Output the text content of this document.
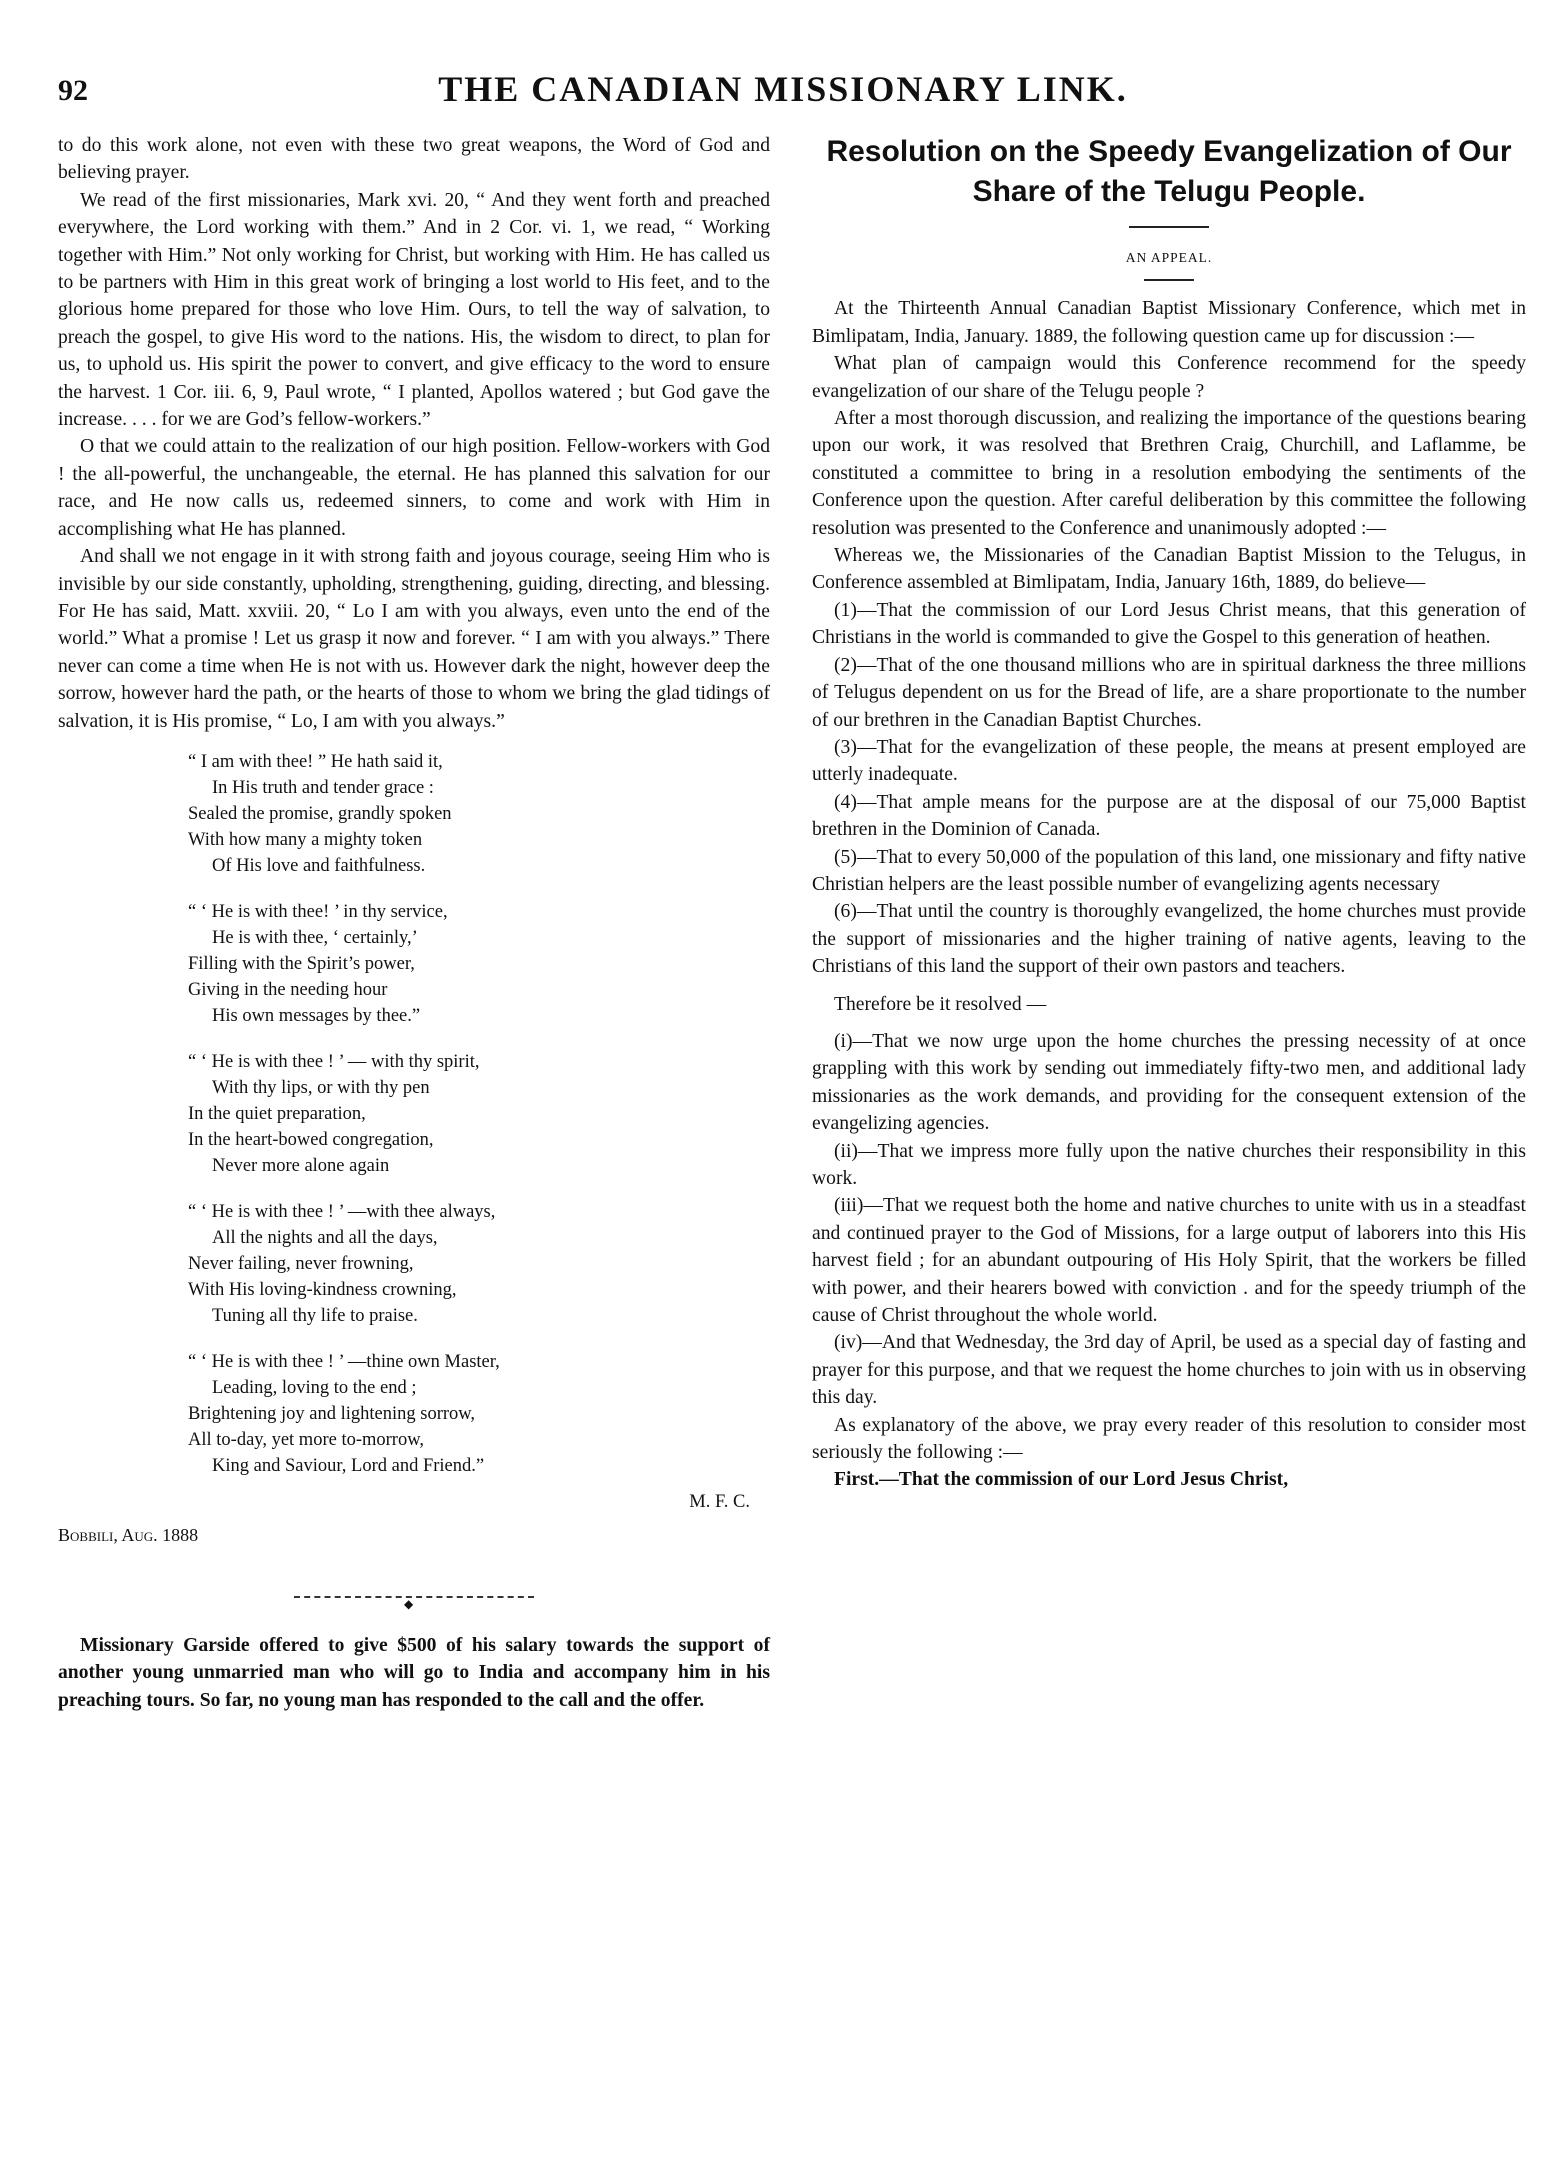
92	THE CANADIAN MISSIONARY LINK.

to do this work alone, not even with these two great weapons, the Word of God and believing prayer.

We read of the first missionaries, Mark xvi. 20, “ And they went forth and preached everywhere, the Lord working with them.” And in 2 Cor. vi. 1, we read, “ Working together with Him.” Not only working for Christ, but working with Him. He has called us to be partners with Him in this great work of bringing a lost world to His feet, and to the glorious home prepared for those who love Him. Ours, to tell the way of salvation, to preach the gospel, to give His word to the nations. His, the wisdom to direct, to plan for us, to uphold us. His spirit the power to convert, and give efficacy to the word to ensure the harvest. 1 Cor. iii. 6, 9, Paul wrote, “ I planted, Apollos watered ; but God gave the increase. . . . for we are God’s fellow-workers.”

O that we could attain to the realization of our high position. Fellow-workers with God ! the all-powerful, the unchangeable, the eternal. He has planned this salvation for our race, and He now calls us, redeemed sinners, to come and work with Him in accomplishing what He has planned.

And shall we not engage in it with strong faith and joyous courage, seeing Him who is invisible by our side constantly, upholding, strengthening, guiding, directing, and blessing. For He has said, Matt. xxviii. 20, “ Lo I am with you always, even unto the end of the world.” What a promise ! Let us grasp it now and forever. “ I am with you always.” There never can come a time when He is not with us. However dark the night, however deep the sorrow, however hard the path, or the hearts of those to whom we bring the glad tidings of salvation, it is His promise, “ Lo, I am with you always.”

“ I am with thee! ” He hath said it,
In His truth and tender grace :
Sealed the promise, grandly spoken
With how many a mighty token
Of His love and faithfulness.
“ ‘ He is with thee! ’ in thy service,
He is with thee, ‘ certainly,’
Filling with the Spirit’s power,
Giving in the needing hour
His own messages by thee.”
“ ‘ He is with thee ! ’ — with thy spirit,
With thy lips, or with thy pen
In the quiet preparation,
In the heart-bowed congregation,
Never more alone again
“ ‘ He is with thee ! ’ —with thee always,
All the nights and all the days,
Never failing, never frowning,
With His loving-kindness crowning,
Tuning all thy life to praise.
“ ‘ He is with thee ! ’ —thine own Master,
Leading, loving to the end ;
Brightening joy and lightening sorrow,
All to-day, yet more to-morrow,
King and Saviour, Lord and Friend.”
M. F. C.
Bobbili, Aug. 1888
◆

Missionary Garside offered to give $500 of his salary towards the support of another young unmarried man who will go to India and accompany him in his preaching tours. So far, no young man has responded to the call and the offer.

Resolution on the Speedy Evangelization of Our Share of the Telugu People.
AN APPEAL.

At the Thirteenth Annual Canadian Baptist Missionary Conference, which met in Bimlipatam, India, January. 1889, the following question came up for discussion :—

What plan of campaign would this Conference recommend for the speedy evangelization of our share of the Telugu people ?

After a most thorough discussion, and realizing the importance of the questions bearing upon our work, it was resolved that Brethren Craig, Churchill, and Laflamme, be constituted a committee to bring in a resolution embodying the sentiments of the Conference upon the question. After careful deliberation by this committee the following resolution was presented to the Conference and unanimously adopted :—

Whereas we, the Missionaries of the Canadian Baptist Mission to the Telugus, in Conference assembled at Bimlipatam, India, January 16th, 1889, do believe—

(1)—That the commission of our Lord Jesus Christ means, that this generation of Christians in the world is commanded to give the Gospel to this generation of heathen.

(2)—That of the one thousand millions who are in spiritual darkness the three millions of Telugus dependent on us for the Bread of life, are a share proportionate to the number of our brethren in the Canadian Baptist Churches.

(3)—That for the evangelization of these people, the means at present employed are utterly inadequate.

(4)—That ample means for the purpose are at the disposal of our 75,000 Baptist brethren in the Dominion of Canada.

(5)—That to every 50,000 of the population of this land, one missionary and fifty native Christian helpers are the least possible number of evangelizing agents necessary

(6)—That until the country is thoroughly evangelized, the home churches must provide the support of missionaries and the higher training of native agents, leaving to the Christians of this land the support of their own pastors and teachers.

Therefore be it resolved —

(i)—That we now urge upon the home churches the pressing necessity of at once grappling with this work by sending out immediately fifty-two men, and additional lady missionaries as the work demands, and providing for the consequent extension of the evangelizing agencies.

(ii)—That we impress more fully upon the native churches their responsibility in this work.

(iii)—That we request both the home and native churches to unite with us in a steadfast and continued prayer to the God of Missions, for a large output of laborers into this His harvest field ; for an abundant outpouring of His Holy Spirit, that the workers be filled with power, and their hearers bowed with conviction . and for the speedy triumph of the cause of Christ throughout the whole world.

(iv)—And that Wednesday, the 3rd day of April, be used as a special day of fasting and prayer for this purpose, and that we request the home churches to join with us in observing this day.

As explanatory of the above, we pray every reader of this resolution to consider most seriously the following :—

First.—That the commission of our Lord Jesus Christ,
